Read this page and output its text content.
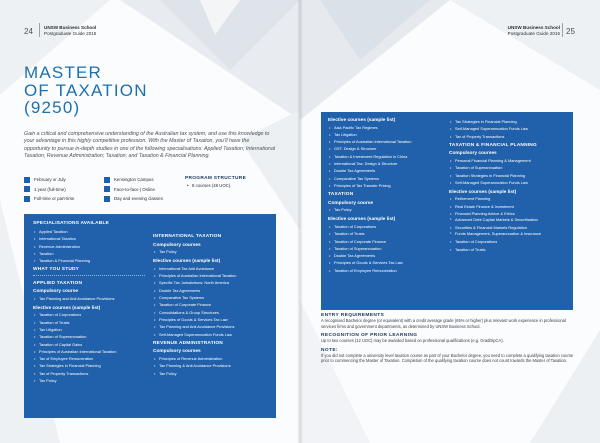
24 UNSW Business School
Postgraduate Guide 2016
MASTER
OF TAXATION
(9250)
Gain a critical and comprehensive understanding of the Australian tax system, and use this knowledge to your advantage in this highly competitive profession. With the Master of Taxation, you’ll have the opportunity to pursue in-depth studies in one of the following specialisations: Applied Taxation; International Taxation; Revenue Administration; Taxation; and Taxation & Financial Planning.
February or July
1 year (full-time)
Full-time or part-time
Kensington Campus
Face-to-face | Online
Day and evening classes
PROGRAM STRUCTURE
• 8 courses (48 UOC).
SPECIALISATIONS AVAILABLE
• Applied Taxation
• International Taxation
• Revenue Administration
• Taxation
• Taxation & Financial Planning
WHAT YOU STUDY
APPLIED TAXATION
Compulsory course
• Tax Planning and Anti Avoidance Provisions
Elective courses (sample list)
• Taxation of Corporations
• Taxation of Trusts
• Tax Litigation
• Taxation of Superannuation
• Taxation of Capital Gains
• Principles of Australian International Taxation
• Tax of Employee Remuneration
• Tax Strategies in Financial Planning
• Tax of Property Transactions
• Tax Policy
INTERNATIONAL TAXATION
Compulsory courses
• Tax Policy
Elective courses (sample list)
• International Tax Anti Avoidance
• Principles of Australian International Taxation
• Specific Tax Jurisdictions: North America
• Double Tax Agreements
• Comparative Tax Systems
• Taxation of Corporate Finance
• Consolidations & Group Structures
• Principles of Goods & Services Tax Law
• Tax Planning and Anti Avoidance Provisions
• Self-Managed Superannuation Funds Law
REVENUE ADMINISTRATION
Compulsory courses
• Principles of Revenue Administration
• Tax Planning & Anti Avoidance Provisions
• Tax Policy
UNSW Business School
Postgraduate Guide 2016 25
Elective courses (sample list)
• Asia Pacific Tax Regimes
• Tax Litigation
• Principles of Australian International Taxation
• GST: Design & Structure
• Taxation & Investment Regulation in China
• International Tax: Design & Structure
• Double Tax Agreements
• Comparative Tax Systems
• Principles of Tax Transfer Pricing
TAXATION
Compulsory course
• Tax Policy
Elective courses (sample list)
• Taxation of Corporations
• Taxation of Trusts
• Taxation of Corporate Finance
• Taxation of Superannuation
• Double Tax Agreements
• Principles of Goods & Services Tax Law
• Taxation of Employee Remuneration
• Tax Strategies in Financial Planning
• Self-Managed Superannuation Funds Law
• Tax of Property Transactions
TAXATION & FINANCIAL PLANNING
Compulsory courses
• Personal Financial Planning & Management
• Taxation of Superannuation
• Taxation Strategies in Financial Planning
• Self-Managed Superannuation Funds Law
Elective courses (sample list)
• Retirement Planning
• Real Estate Finance & Investment
• Financial Planning Advice & Ethics
• Advanced Debt Capital Markets & Securitisation
• Securities & Financial Markets Regulation
• Funds Management, Superannuation & Insurance
• Taxation of Corporations
• Taxation of Trusts
ENTRY REQUIREMENTS
A recognised Bachelor degree (or equivalent) with a credit average grade (65% or higher) plus relevant work experience in professional services firms and government departments, as determined by UNSW Business School.
RECOGNITION OF PRIOR LEARNING
Up to two courses (12 UOC) may be awarded based on professional qualifications (e.g. GradDipCA).
NOTE:
If you did not complete a university level taxation course as part of your Bachelor degree, you need to complete a qualifying taxation course prior to commencing the Master of Taxation. Completion of the qualifying taxation course does not count towards the Master of Taxation.
